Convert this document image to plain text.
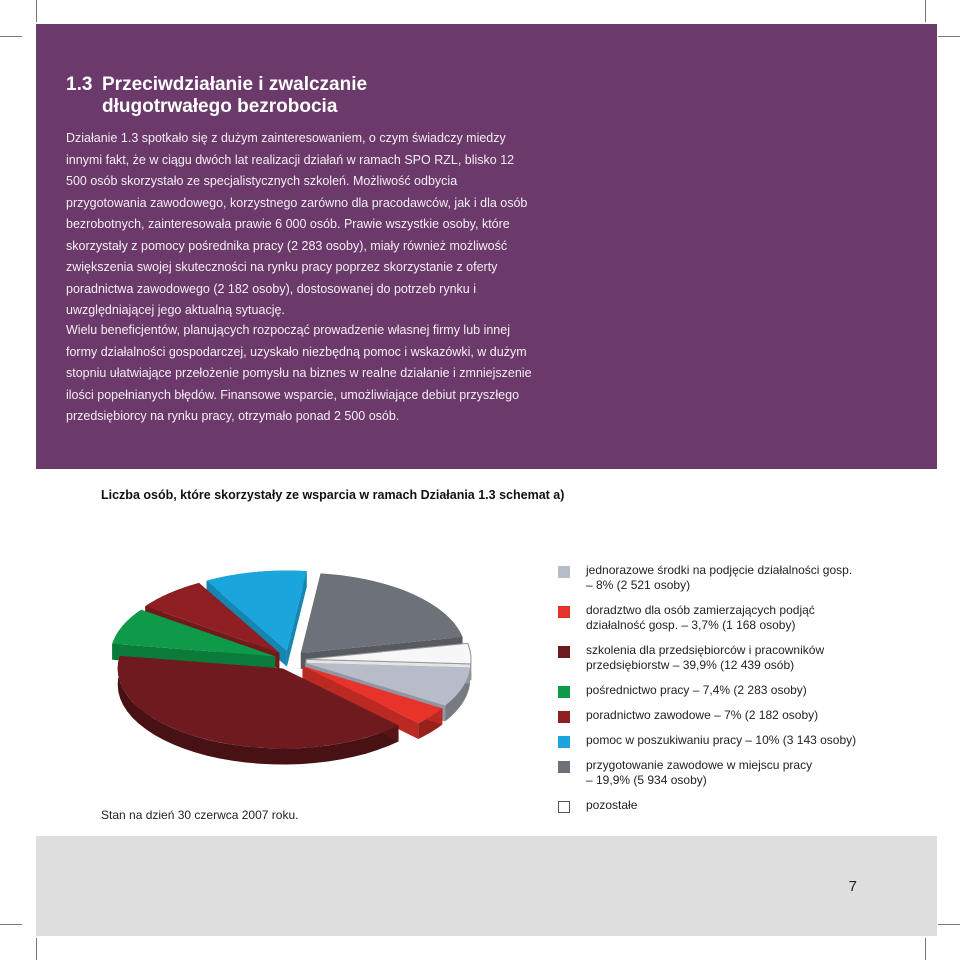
1.3 Przeciwdziałanie i zwalczanie
długotrwałego bezrobocia

Działanie 1.3 spotkało się z dużym zainteresowaniem, o czym świadczy miedzy innymi fakt, że w ciągu dwóch lat realizacji działań w ramach SPO RZL, blisko 12 500 osób skorzystało ze specjalistycznych szkoleń. Możliwość odbycia przygotowania zawodowego, korzystnego zarówno dla pracodawców, jak i dla osób bezrobotnych, zainteresowała prawie 6 000 osób. Prawie wszystkie osoby, które skorzystały z pomocy pośrednika pracy (2 283 osoby), miały również możliwość zwiększenia swojej skuteczności na rynku pracy poprzez skorzystanie z oferty poradnictwa zawodowego (2 182 osoby), dostosowanej do potrzeb rynku i uwzględniającej jego aktualną sytuację.

Wielu beneficjentów, planujących rozpocząć prowadzenie własnej firmy lub innej formy działalności gospodarczej, uzyskało niezbędną pomoc i wskazówki, w dużym stopniu ułatwiające przełożenie pomysłu na biznes w realne działanie i zmniejszenie ilości popełnianych błędów. Finansowe wsparcie, umożliwiające debiut przyszłego przedsiębiorcy na rynku pracy, otrzymało ponad 2 500 osób.

Liczba osób, które skorzystały ze wsparcia w ramach Działania 1.3 schemat a)

jednorazowe środki na podjęcie działalności gosp.
– 8% (2 521 osoby)
doradztwo dla osób zamierzających podjąć
działalność gosp. – 3,7% (1 168 osoby)
szkolenia dla przedsiębiorców i pracowników
przedsiębiorstw – 39,9% (12 439 osób)
pośrednictwo pracy – 7,4% (2 283 osoby)
poradnictwo zawodowe – 7% (2 182 osoby)
pomoc w poszukiwaniu pracy – 10% (3 143 osoby)
przygotowanie zawodowe w miejscu pracy
– 19,9% (5 934 osoby)
pozostałe

Stan na dzień 30 czerwca 2007 roku.

7
